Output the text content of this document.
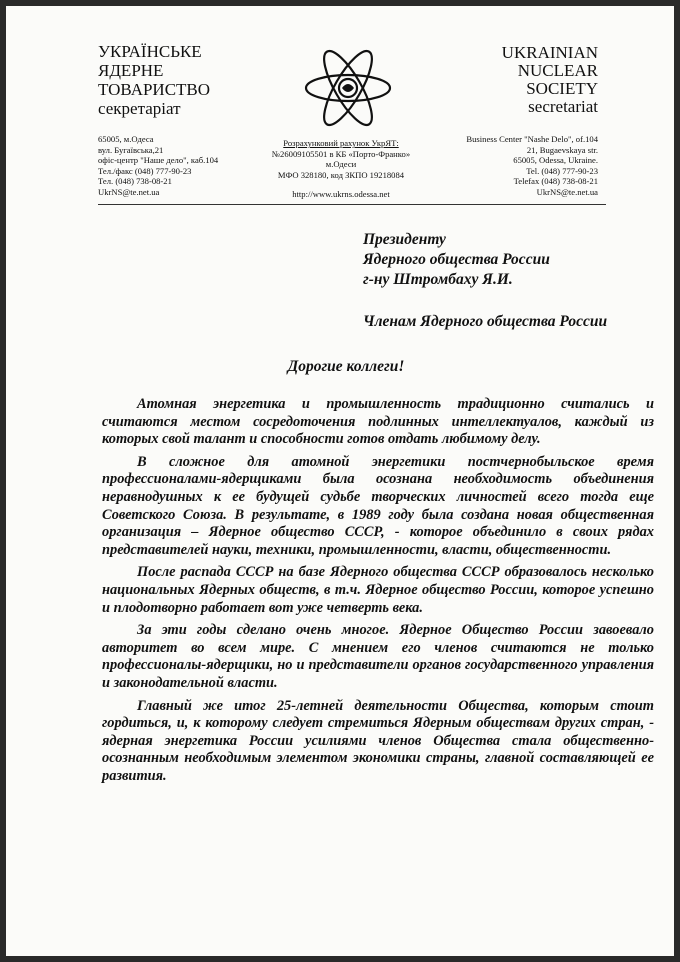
УКРАЇНСЬКЕ
ЯДЕРНЕ
ТОВАРИСТВО
секретаріат
UKRAINIAN
NUCLEAR
SOCIETY
secretariat
65005, м.Одеса
вул. Бугаївська,21
офіс-центр "Наше дело", каб.104
Тел./факс (048) 777-90-23
Тел. (048) 738-08-21
UkrNS@te.net.ua
Розрахунковий рахунок УкрЯТ:
№26009105501 в КБ «Порто-Франко»
м.Одеси
МФО 328180, код ЗКПО 19218084
http://www.ukrns.odessa.net
Business Center "Nashe Delo", of.104
21, Bugaevskaya str.
65005, Odessa, Ukraine.
Tel. (048) 777-90-23
Telefax (048) 738-08-21
UkrNS@te.net.ua
Президенту
Ядерного общества России
г-ну Штромбаху Я.И.
Членам Ядерного общества России
Дорогие коллеги!

Атомная энергетика и промышленность традиционно считались и считаются местом сосредоточения подлинных интеллектуалов, каждый из которых свой талант и способности готов отдать любимому делу.

В сложное для атомной энергетики постчернобыльское время профессионалами-ядерщиками была осознана необходимость объединения неравнодушных к ее будущей судьбе творческих личностей всего тогда еще Советского Союза. В результате, в 1989 году была создана новая общественная организация – Ядерное общество СССР, - которое объединило в своих рядах представителей науки, техники, промышленности, власти, общественности.

После распада СССР на базе Ядерного общества СССР образовалось несколько национальных Ядерных обществ, в т.ч. Ядерное общество России, которое успешно и плодотворно работает вот уже четверть века.

За эти годы сделано очень многое. Ядерное Общество России завоевало авторитет во всем мире. С мнением его членов считаются не только профессионалы-ядерщики, но и представители органов государственного управления и законодательной власти.

Главный же итог 25-летней деятельности Общества, которым стоит гордиться, и, к которому следует стремиться Ядерным обществам других стран, - ядерная энергетика России усилиями членов Общества стала общественно-осознанным необходимым элементом экономики страны, главной составляющей ее развития.
